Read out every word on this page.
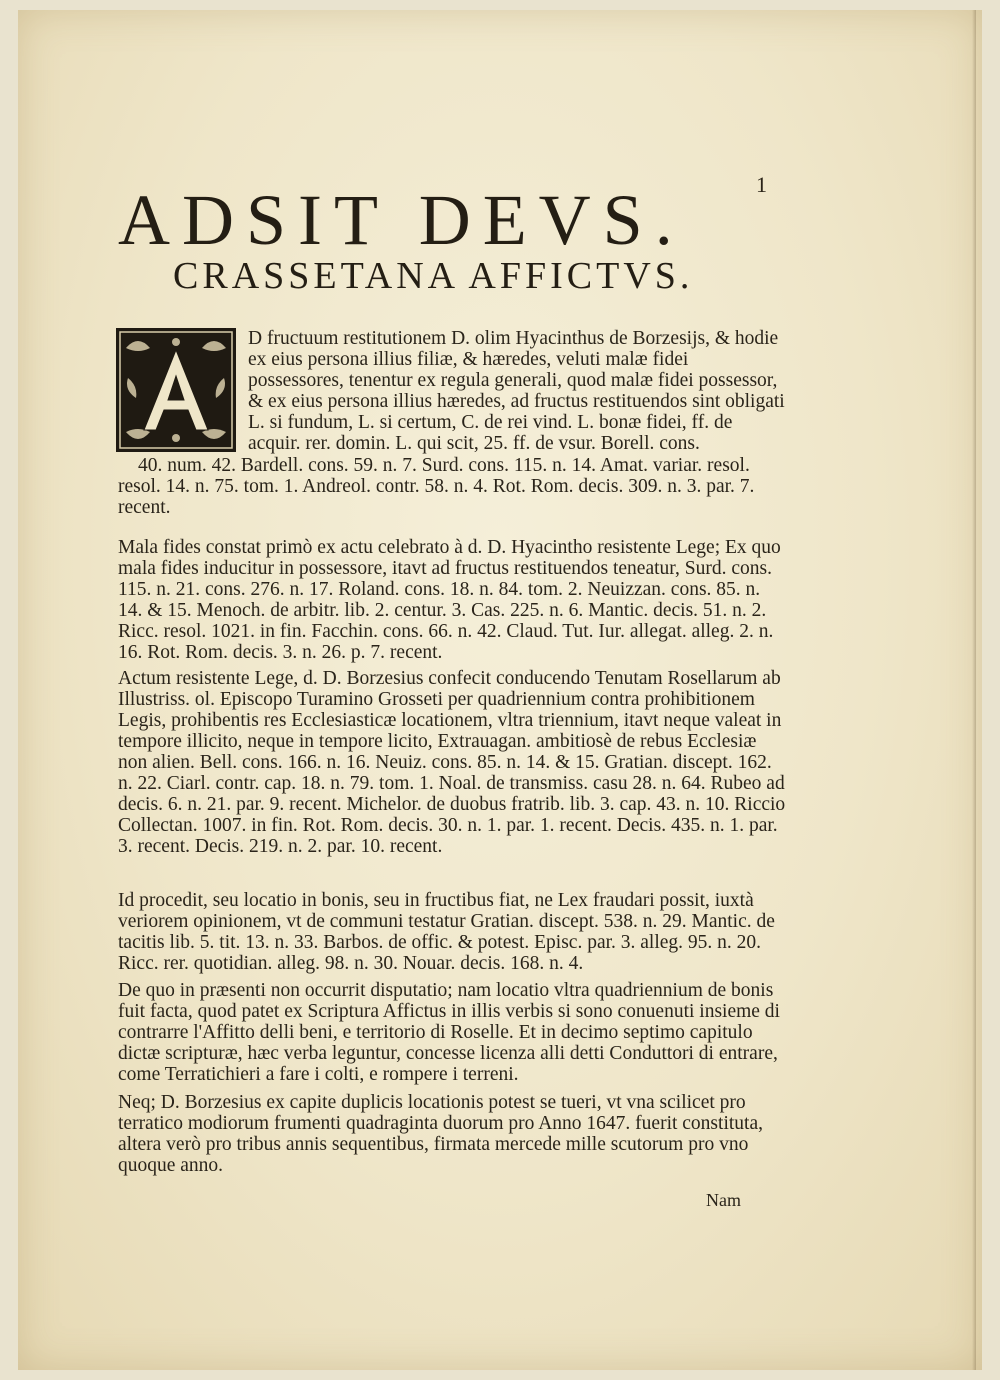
1
ADSIT DEVS.
CRASSETANA AFFICTVS.
D fructuum restitutionem D. olim Hyacinthus de Borzesijs, & hodie ex eius persona illius filiæ, & hæredes, veluti malæ fidei possessores, tenentur ex regula generali, quod malæ fidei possessor, & ex eius persona illius hæredes, ad fructus restituendos sint obligati L. si fundum, L. si certum, C. de rei vind. L. bonæ fidei, ff. de acquir. rer. domin. L. qui scit, 25. ff. de vsur. Borell. cons.
40. num. 42. Bardell. cons. 59. n. 7. Surd. cons. 115. n. 14. Amat. variar. resol. resol. 14. n. 75. tom. 1. Andreol. contr. 58. n. 4. Rot. Rom. decis. 309. n. 3. par. 7. recent.
Mala fides constat primò ex actu celebrato à d. D. Hyacintho resistente Lege; Ex quo mala fides inducitur in possessore, itavt ad fructus restituendos teneatur, Surd. cons. 115. n. 21. cons. 276. n. 17. Roland. cons. 18. n. 84. tom. 2. Neuizzan. cons. 85. n. 14. & 15. Menoch. de arbitr. lib. 2. centur. 3. Cas. 225. n. 6. Mantic. decis. 51. n. 2. Ricc. resol. 1021. in fin. Facchin. cons. 66. n. 42. Claud. Tut. Iur. allegat. alleg. 2. n. 16. Rot. Rom. decis. 3. n. 26. p. 7. recent.
Actum resistente Lege, d. D. Borzesius confecit conducendo Tenutam Rosellarum ab Illustriss. ol. Episcopo Turamino Grosseti per quadriennium contra prohibitionem Legis, prohibentis res Ecclesiasticæ locationem, vltra triennium, itavt neque valeat in tempore illicito, neque in tempore licito, Extrauagan. ambitiosè de rebus Ecclesiæ non alien. Bell. cons. 166. n. 16. Neuiz. cons. 85. n. 14. & 15. Gratian. discept. 162. n. 22. Ciarl. contr. cap. 18. n. 79. tom. 1. Noal. de transmiss. casu 28. n. 64. Rubeo ad decis. 6. n. 21. par. 9. recent. Michelor. de duobus fratrib. lib. 3. cap. 43. n. 10. Riccio Collectan. 1007. in fin. Rot. Rom. decis. 30. n. 1. par. 1. recent. Decis. 435. n. 1. par. 3. recent. Decis. 219. n. 2. par. 10. recent.
Id procedit, seu locatio in bonis, seu in fructibus fiat, ne Lex fraudari possit, iuxtà veriorem opinionem, vt de communi testatur Gratian. discept. 538. n. 29. Mantic. de tacitis lib. 5. tit. 13. n. 33. Barbos. de offic. & potest. Episc. par. 3. alleg. 95. n. 20. Ricc. rer. quotidian. alleg. 98. n. 30. Nouar. decis. 168. n. 4.
De quo in præsenti non occurrit disputatio; nam locatio vltra quadriennium de bonis fuit facta, quod patet ex Scriptura Affictus in illis verbis si sono conuenuti insieme di contrarre l'Affitto delli beni, e territorio di Roselle. Et in decimo septimo capitulo dictæ scripturæ, hæc verba leguntur, concesse licenza alli detti Conduttori di entrare, come Terratichieri a fare i colti, e rompere i terreni.
Neq; D. Borzesius ex capite duplicis locationis potest se tueri, vt vna scilicet pro terratico modiorum frumenti quadraginta duorum pro Anno 1647. fuerit constituta, altera verò pro tribus annis sequentibus, firmata mercede mille scutorum pro vno quoque anno.
Nam
